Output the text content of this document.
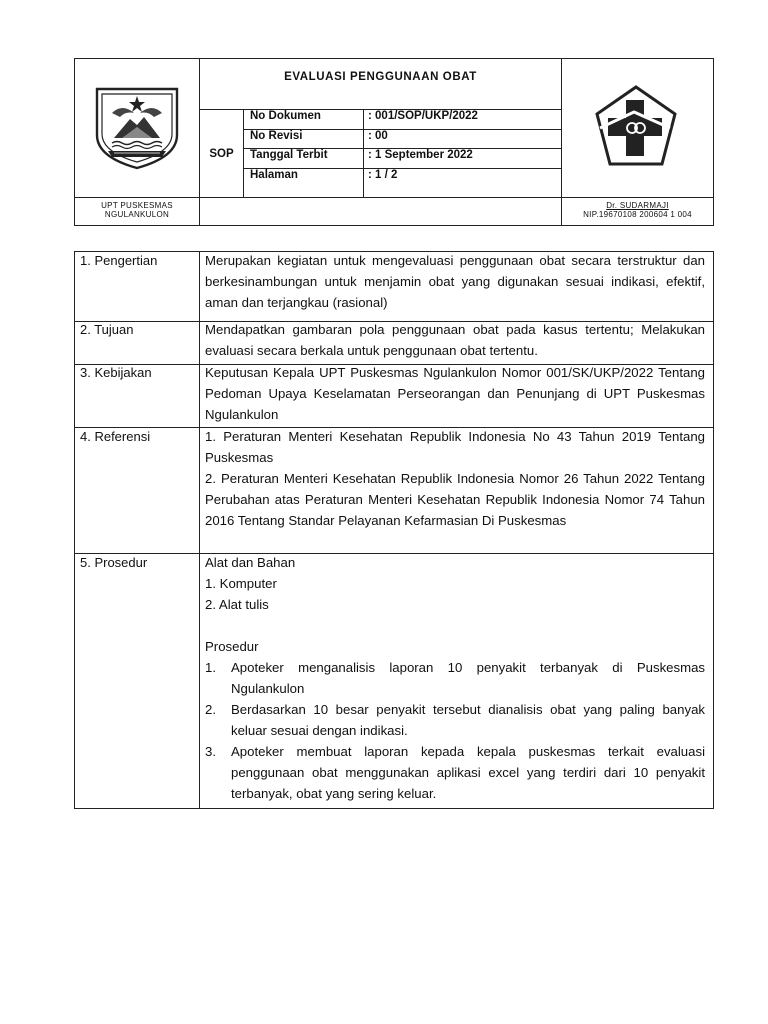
EVALUASI PENGGUNAAN OBAT
SOP
No Dokumen	: 001/SOP/UKP/2022
No Revisi	: 00
Tanggal Terbit	: 1 September 2022
Halaman	: 1 / 2
UPT PUSKESMAS
NGULANKULON
Dr. SUDARMAJI
NIP.19670108 200604 1 004
1. Pengertian	Merupakan kegiatan untuk mengevaluasi penggunaan obat secara terstruktur dan berkesinambungan untuk menjamin obat yang digunakan sesuai indikasi, efektif, aman dan terjangkau (rasional)
2. Tujuan	Mendapatkan gambaran pola penggunaan obat pada kasus tertentu; Melakukan evaluasi secara berkala untuk penggunaan obat tertentu.
3. Kebijakan	Keputusan Kepala UPT Puskesmas Ngulankulon Nomor 001/SK/UKP/2022 Tentang Pedoman Upaya Keselamatan Perseorangan dan Penunjang di UPT Puskesmas Ngulankulon
4. Referensi	1. Peraturan Menteri Kesehatan Republik Indonesia No 43 Tahun 2019 Tentang Puskesmas
2. Peraturan Menteri Kesehatan Republik Indonesia Nomor 26 Tahun 2022 Tentang Perubahan atas Peraturan Menteri Kesehatan Republik Indonesia Nomor 74 Tahun 2016 Tentang Standar Pelayanan Kefarmasian Di Puskesmas
5. Prosedur	Alat dan Bahan
1. Komputer
2. Alat tulis
Prosedur
1.	Apoteker menganalisis laporan 10 penyakit terbanyak di Puskesmas Ngulankulon
2.	Berdasarkan 10 besar penyakit tersebut dianalisis obat yang paling banyak keluar sesuai dengan indikasi.
3.	Apoteker membuat laporan kepada kepala puskesmas terkait evaluasi penggunaan obat menggunakan aplikasi excel yang terdiri dari 10 penyakit terbanyak, obat yang sering keluar.
